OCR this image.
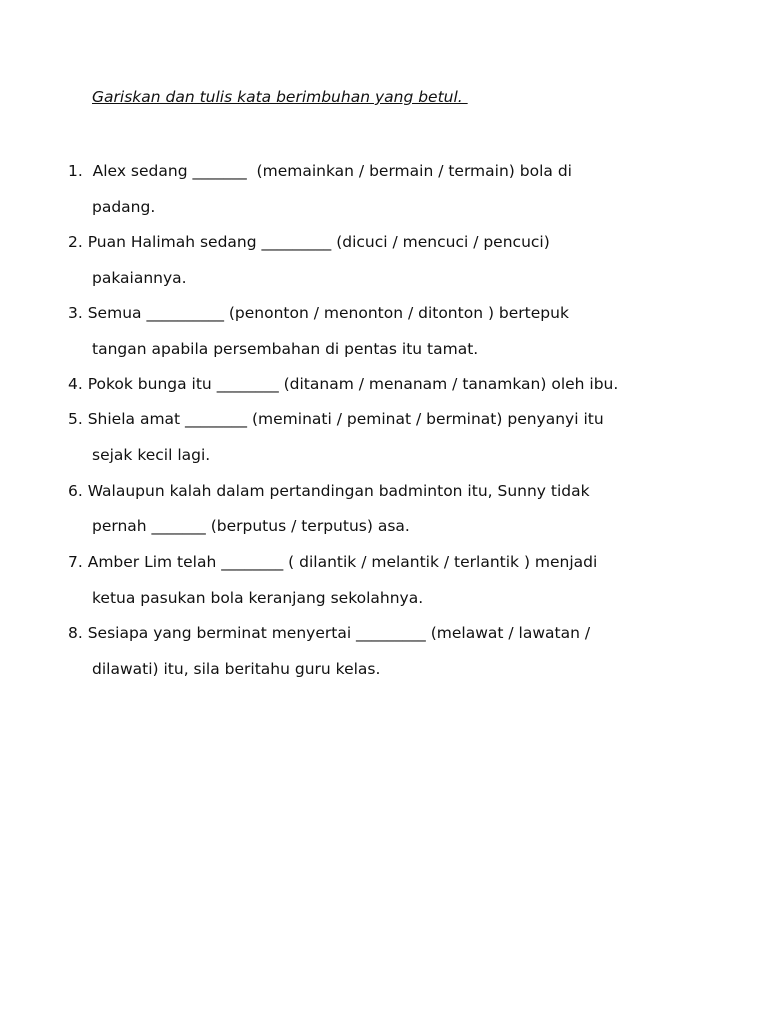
Gariskan dan tulis kata berimbuhan yang betul.
1.  Alex sedang _______  (memainkan / bermain / termain) bola di
padang.
2. Puan Halimah sedang _________ (dicuci / mencuci / pencuci)
pakaiannya.
3. Semua __________ (penonton / menonton / ditonton ) bertepuk
tangan apabila persembahan di pentas itu tamat.
4. Pokok bunga itu ________ (ditanam / menanam / tanamkan) oleh ibu.
5. Shiela amat ________ (meminati / peminat / berminat) penyanyi itu
sejak kecil lagi.
6. Walaupun kalah dalam pertandingan badminton itu, Sunny tidak
pernah _______ (berputus / terputus) asa.
7. Amber Lim telah ________ ( dilantik / melantik / terlantik ) menjadi
ketua pasukan bola keranjang sekolahnya.
8. Sesiapa yang berminat menyertai _________ (melawat / lawatan /
dilawati) itu, sila beritahu guru kelas.
